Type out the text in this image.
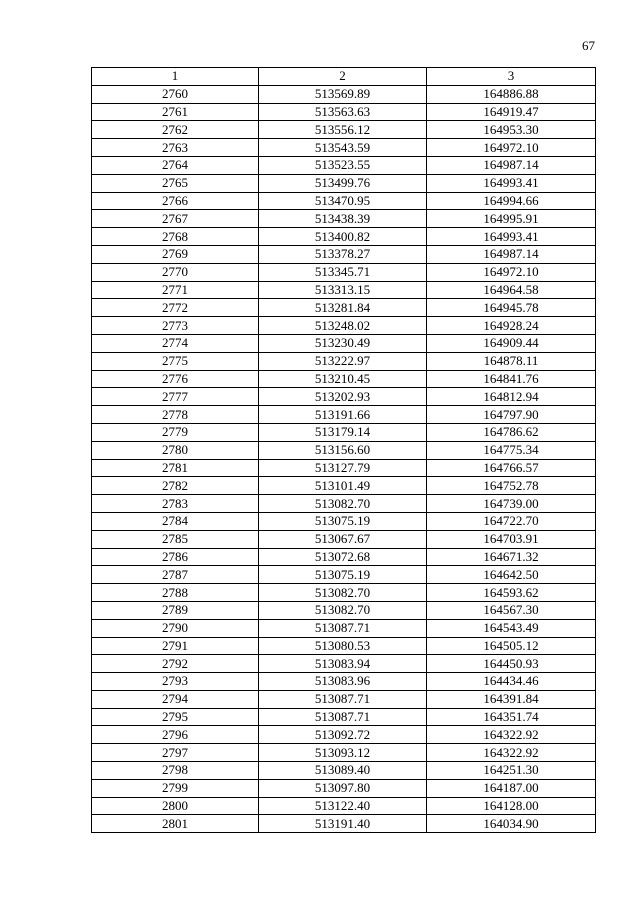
67
1	2	3
2760	513569.89	164886.88
2761	513563.63	164919.47
2762	513556.12	164953.30
2763	513543.59	164972.10
2764	513523.55	164987.14
2765	513499.76	164993.41
2766	513470.95	164994.66
2767	513438.39	164995.91
2768	513400.82	164993.41
2769	513378.27	164987.14
2770	513345.71	164972.10
2771	513313.15	164964.58
2772	513281.84	164945.78
2773	513248.02	164928.24
2774	513230.49	164909.44
2775	513222.97	164878.11
2776	513210.45	164841.76
2777	513202.93	164812.94
2778	513191.66	164797.90
2779	513179.14	164786.62
2780	513156.60	164775.34
2781	513127.79	164766.57
2782	513101.49	164752.78
2783	513082.70	164739.00
2784	513075.19	164722.70
2785	513067.67	164703.91
2786	513072.68	164671.32
2787	513075.19	164642.50
2788	513082.70	164593.62
2789	513082.70	164567.30
2790	513087.71	164543.49
2791	513080.53	164505.12
2792	513083.94	164450.93
2793	513083.96	164434.46
2794	513087.71	164391.84
2795	513087.71	164351.74
2796	513092.72	164322.92
2797	513093.12	164322.92
2798	513089.40	164251.30
2799	513097.80	164187.00
2800	513122.40	164128.00
2801	513191.40	164034.90
